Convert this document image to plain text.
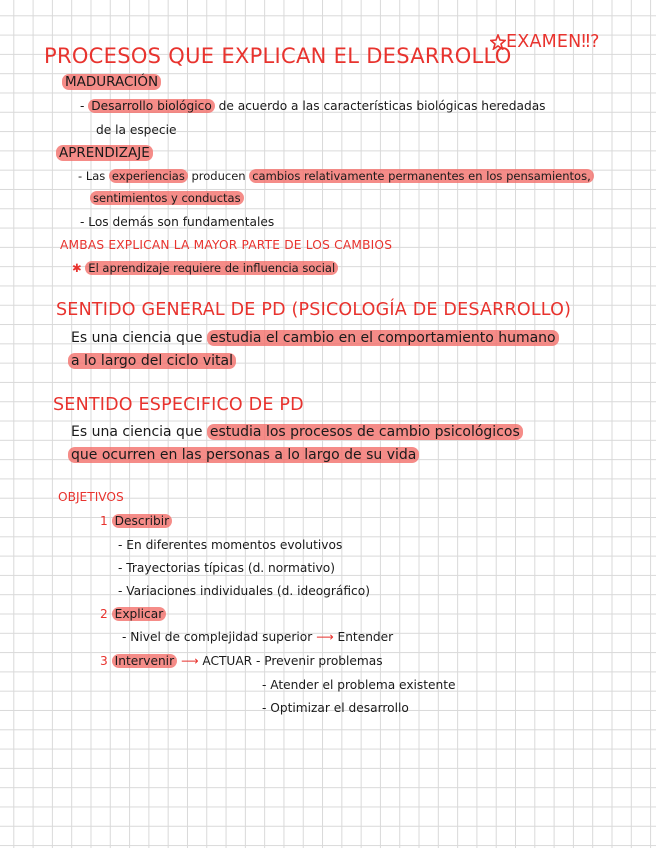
EXAMEN‼?
PROCESOS QUE EXPLICAN EL DESARROLLO
MADURACIÓN
- Desarrollo biológico de acuerdo a las características biológicas heredadas
de la especie
APRENDIZAJE
- Las experiencias producen cambios relativamente permanentes en los pensamientos,
sentimientos y conductas
- Los demás son fundamentales
AMBAS EXPLICAN LA MAYOR PARTE DE LOS CAMBIOS
✱ El aprendizaje requiere de influencia social
SENTIDO GENERAL DE PD (PSICOLOGÍA DE DESARROLLO)
Es una ciencia que estudia el cambio en el comportamiento humano
a lo largo del ciclo vital
SENTIDO ESPECIFICO DE PD
Es una ciencia que estudia los procesos de cambio psicológicos
que ocurren en las personas a lo largo de su vida
OBJETIVOS
1 Describir
- En diferentes momentos evolutivos
- Trayectorias típicas (d. normativo)
- Variaciones individuales (d. ideográfico)
2 Explicar
- Nivel de complejidad superior ⟶ Entender
3 Intervenir ⟶ ACTUAR - Prevenir problemas
- Atender el problema existente
- Optimizar el desarrollo
